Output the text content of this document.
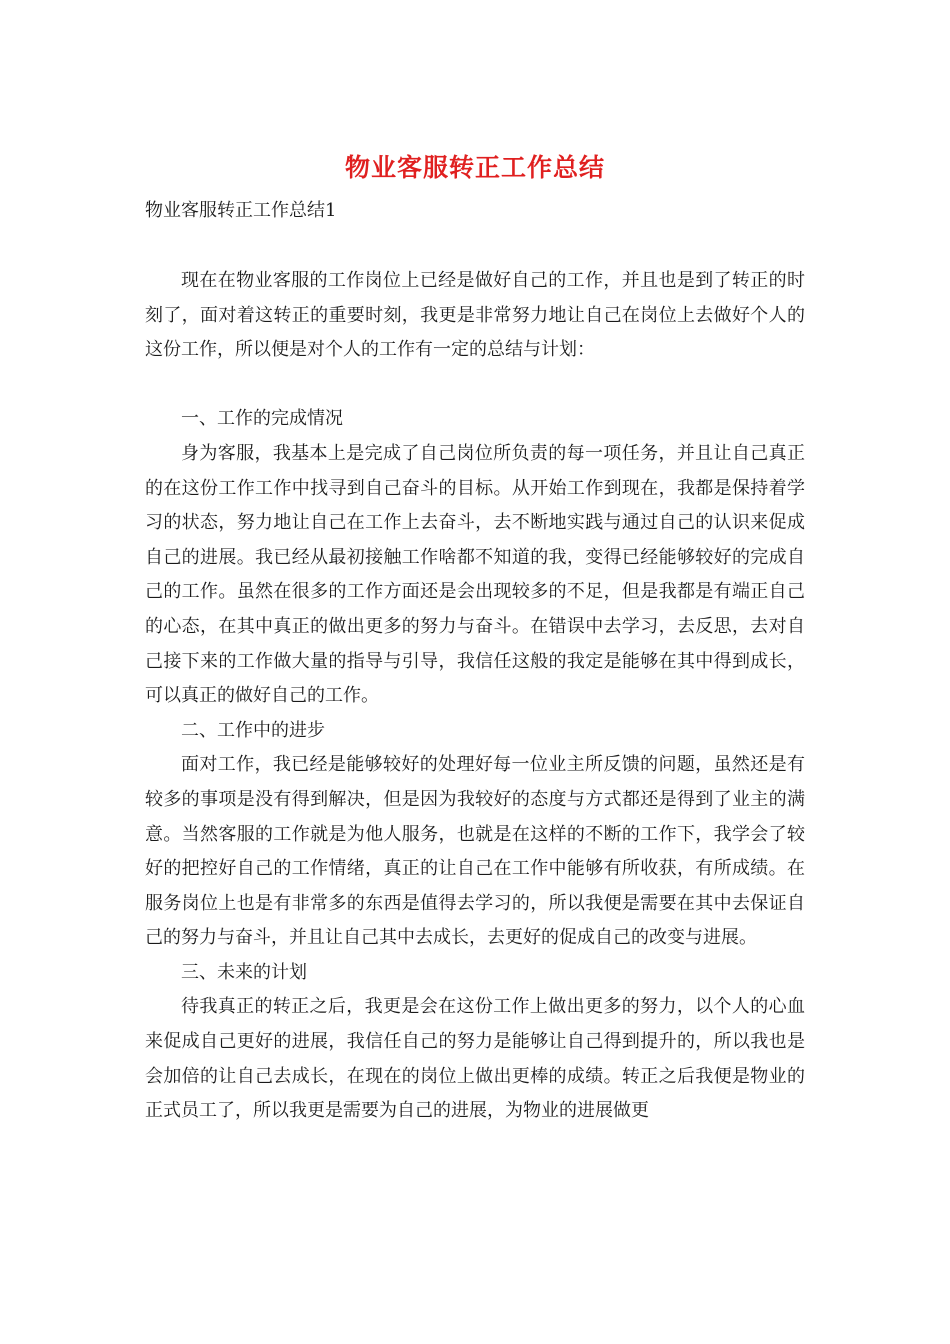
物业客服转正工作总结
物业客服转正工作总结1

现在在物业客服的工作岗位上已经是做好自己的工作，并且也是到了转正的时刻了，面对着这转正的重要时刻，我更是非常努力地让自己在岗位上去做好个人的这份工作，所以便是对个人的工作有一定的总结与计划：

一、工作的完成情况

身为客服，我基本上是完成了自己岗位所负责的每一项任务，并且让自己真正的在这份工作工作中找寻到自己奋斗的目标。从开始工作到现在，我都是保持着学习的状态，努力地让自己在工作上去奋斗，去不断地实践与通过自己的认识来促成自己的进展。我已经从最初接触工作啥都不知道的我，变得已经能够较好的完成自己的工作。虽然在很多的工作方面还是会出现较多的不足，但是我都是有端正自己的心态，在其中真正的做出更多的努力与奋斗。在错误中去学习，去反思，去对自己接下来的工作做大量的指导与引导，我信任这般的我定是能够在其中得到成长，可以真正的做好自己的工作。

二、工作中的进步

面对工作，我已经是能够较好的处理好每一位业主所反馈的问题，虽然还是有较多的事项是没有得到解决，但是因为我较好的态度与方式都还是得到了业主的满意。当然客服的工作就是为他人服务，也就是在这样的不断的工作下，我学会了较好的把控好自己的工作情绪，真正的让自己在工作中能够有所收获，有所成绩。在服务岗位上也是有非常多的东西是值得去学习的，所以我便是需要在其中去保证自己的努力与奋斗，并且让自己其中去成长，去更好的促成自己的改变与进展。

三、未来的计划

待我真正的转正之后，我更是会在这份工作上做出更多的努力，以个人的心血来促成自己更好的进展，我信任自己的努力是能够让自己得到提升的，所以我也是会加倍的让自己去成长，在现在的岗位上做出更棒的成绩。转正之后我便是物业的正式员工了，所以我更是需要为自己的进展，为物业的进展做更
